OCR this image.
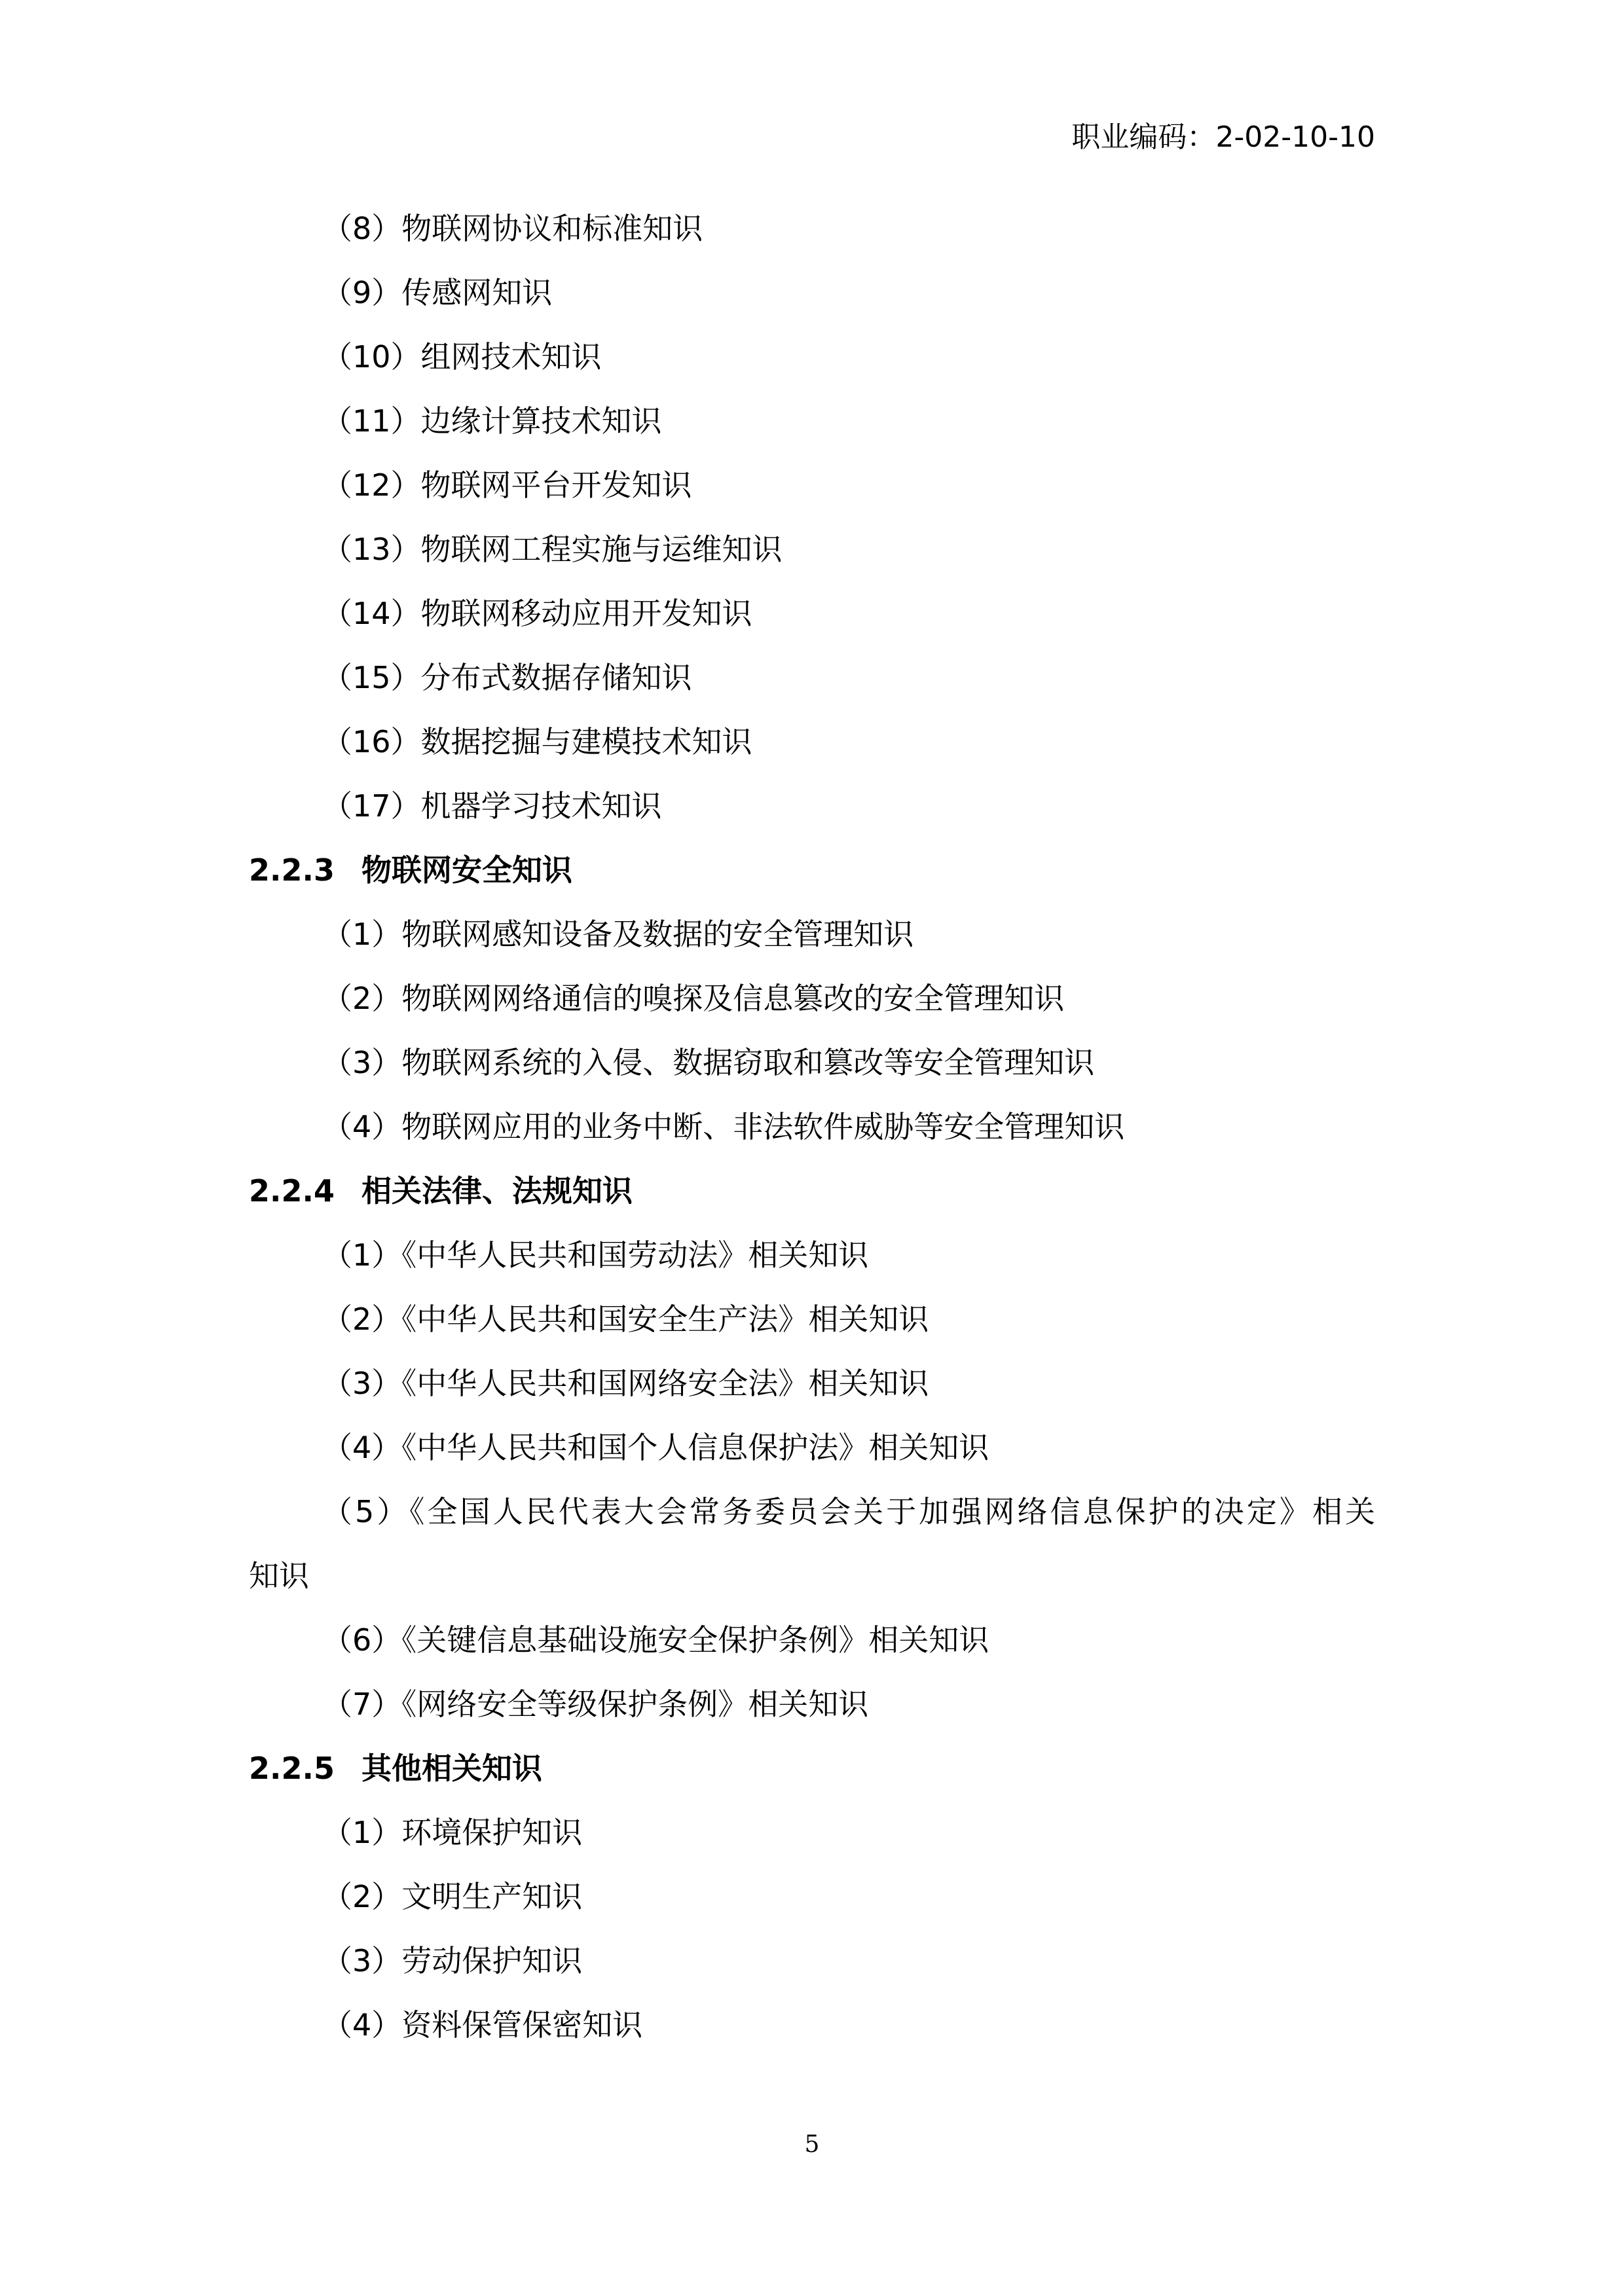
职业编码：2-02-10-10
（8）物联网协议和标准知识
（9）传感网知识
（10）组网技术知识
（11）边缘计算技术知识
（12）物联网平台开发知识
（13）物联网工程实施与运维知识
（14）物联网移动应用开发知识
（15）分布式数据存储知识
（16）数据挖掘与建模技术知识
（17）机器学习技术知识
2.2.3 物联网安全知识
（1）物联网感知设备及数据的安全管理知识
（2）物联网网络通信的嗅探及信息篡改的安全管理知识
（3）物联网系统的入侵、数据窃取和篡改等安全管理知识
（4）物联网应用的业务中断、非法软件威胁等安全管理知识
2.2.4 相关法律、法规知识
（1）《中华人民共和国劳动法》相关知识
（2）《中华人民共和国安全生产法》相关知识
（3）《中华人民共和国网络安全法》相关知识
（4）《中华人民共和国个人信息保护法》相关知识
（5）《全国人民代表大会常务委员会关于加强网络信息保护的决定》相关
知识
（6）《关键信息基础设施安全保护条例》相关知识
（7）《网络安全等级保护条例》相关知识
2.2.5 其他相关知识
（1）环境保护知识
（2）文明生产知识
（3）劳动保护知识
（4）资料保管保密知识
5
